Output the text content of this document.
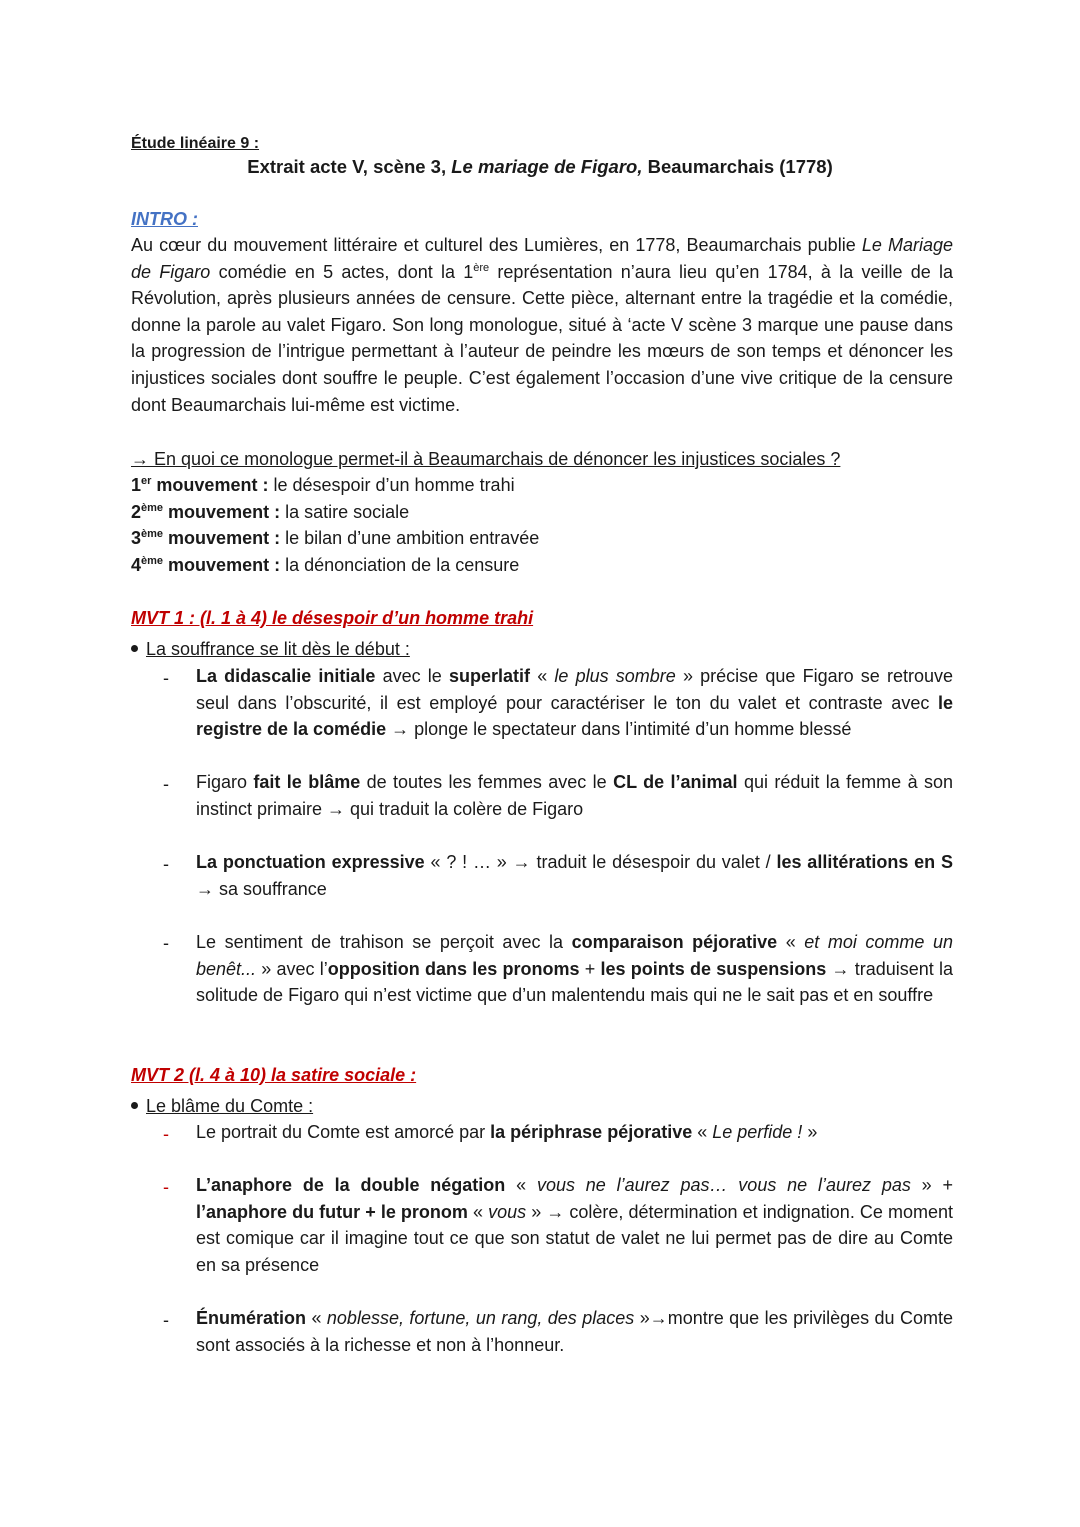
Étude linéaire 9 :
Extrait acte V, scène 3, Le mariage de Figaro, Beaumarchais (1778)
INTRO :
Au cœur du mouvement littéraire et culturel des Lumières, en 1778, Beaumarchais publie Le Mariage de Figaro comédie en 5 actes, dont la 1ère représentation n’aura lieu qu’en 1784, à la veille de la Révolution, après plusieurs années de censure. Cette pièce, alternant entre la tragédie et la comédie, donne la parole au valet Figaro. Son long monologue, situé à ‘acte V scène 3 marque une pause dans la progression de l’intrigue permettant à l’auteur de peindre les mœurs de son temps et dénoncer les injustices sociales dont souffre le peuple. C’est également l’occasion d’une vive critique de la censure dont Beaumarchais lui-même est victime.
→ En quoi ce monologue permet-il à Beaumarchais de dénoncer les injustices sociales ?
1er mouvement : le désespoir d’un homme trahi
2ème mouvement : la satire sociale
3ème mouvement : le bilan d’une ambition entravée
4ème mouvement : la dénonciation de la censure
MVT 1 : (l. 1 à 4) le désespoir d’un homme trahi
La souffrance se lit dès le début :
-	La didascalie initiale avec le superlatif « le plus sombre » précise que Figaro se retrouve seul dans l’obscurité, il est employé pour caractériser le ton du valet et contraste avec le registre de la comédie → plonge le spectateur dans l’intimité d’un homme blessé
-	Figaro fait le blâme de toutes les femmes avec le CL de l’animal qui réduit la femme à son instinct primaire → qui traduit la colère de Figaro
-	La ponctuation expressive « ? ! … » → traduit le désespoir du valet / les allitérations en S → sa souffrance
-	Le sentiment de trahison se perçoit avec la comparaison péjorative « et moi comme un benêt... » avec l’opposition dans les pronoms + les points de suspensions → traduisent la solitude de Figaro qui n’est victime que d’un malentendu mais qui ne le sait pas et en souffre
MVT 2 (l. 4 à 10) la satire sociale :
Le blâme du Comte :
-	Le portrait du Comte est amorcé par la périphrase péjorative « Le perfide ! »
-	L’anaphore de la double négation « vous ne l’aurez pas… vous ne l’aurez pas » + l’anaphore du futur + le pronom « vous » → colère, détermination et indignation. Ce moment est comique car il imagine tout ce que son statut de valet ne lui permet pas de dire au Comte en sa présence
-	Énumération « noblesse, fortune, un rang, des places »→montre que les privilèges du Comte sont associés à la richesse et non à l’honneur.
